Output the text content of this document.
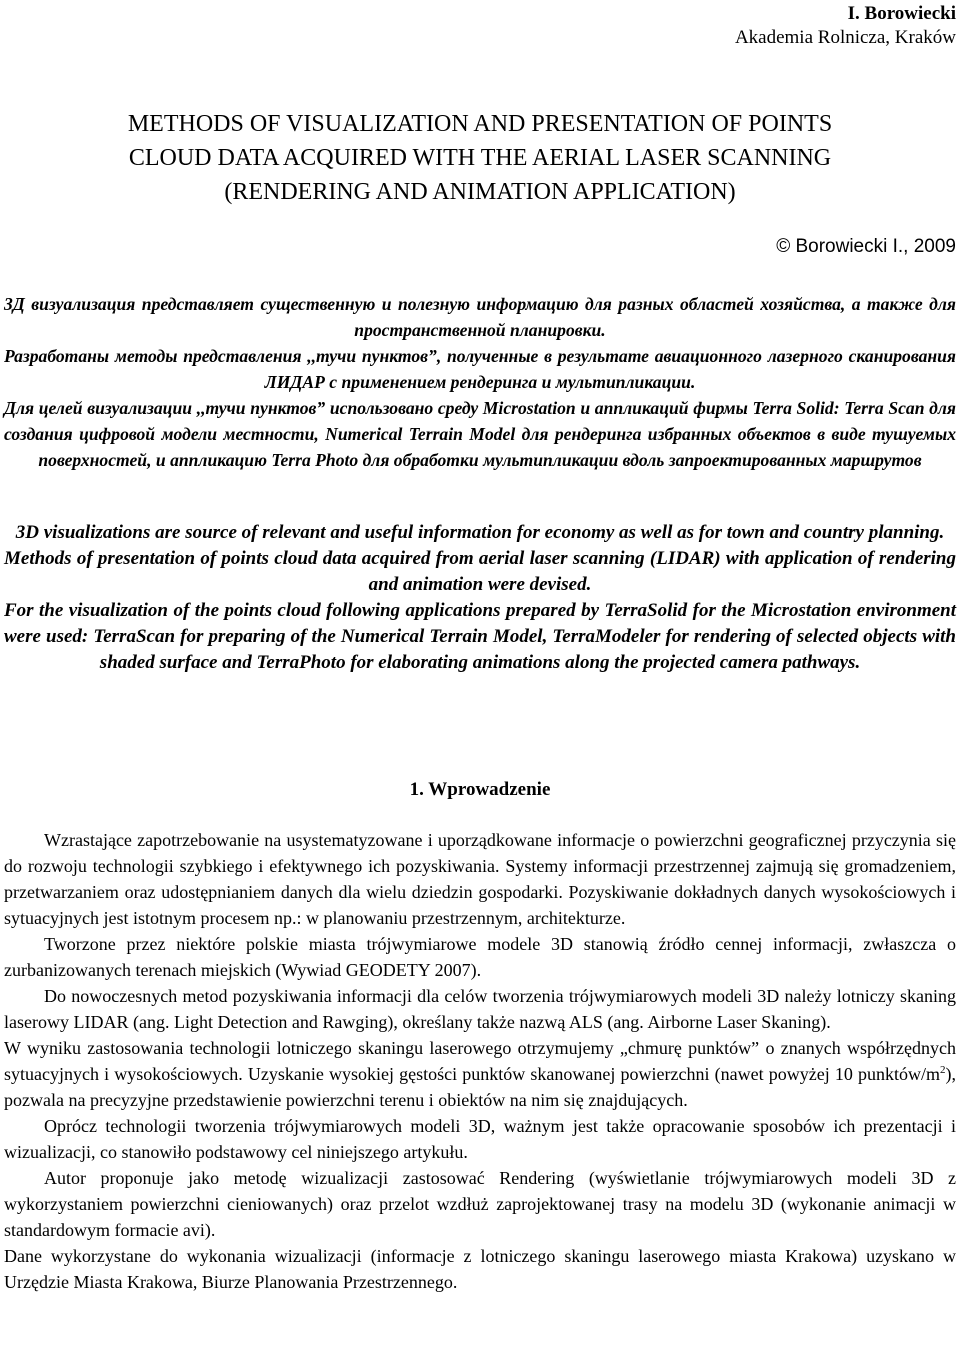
I. Borowiecki
Akademia Rolnicza, Kraków
METHODS OF VISUALIZATION AND PRESENTATION OF POINTS
CLOUD DATA ACQUIRED WITH THE AERIAL LASER SCANNING
(RENDERING AND ANIMATION APPLICATION)
© Borowiecki I., 2009

3Д визуализация представляет существенную и полезную информацию для разных областей хозяйства, а также для пространственной планировки.

Разработаны методы представления ,,тучи пунктов”, полученные в результате авиационного лазерного сканирования ЛИДАР с применением рендеринга и мультипликации.

Для целей визуализации ,,тучи пунктов” использовано среду Microstation и аппликаций фирмы Terra Solid: Terra Scan для создания цифровой модели местности, Numerical Terrain Model для рендеринга избранных объектов в виде тушуемых поверхностей, и аппликацию Terra Photo для обработки мультипликации вдоль запроектированных маршрутов

3D visualizations are source of relevant and useful information for economy as well as for town and country planning.

Methods of presentation of points cloud data acquired from aerial laser scanning (LIDAR) with application of rendering and animation were devised.

For the visualization of the points cloud following applications prepared by TerraSolid for the Microstation environment were used: TerraScan for preparing of the Numerical Terrain Model, TerraModeler for rendering of selected objects with shaded surface and TerraPhoto for elaborating animations along the projected camera pathways.

1. Wprowadzenie

Wzrastające zapotrzebowanie na usystematyzowane i uporządkowane informacje o powierzchni geograficznej przyczynia się do rozwoju technologii szybkiego i efektywnego ich pozyskiwania. Systemy informacji przestrzennej zajmują się gromadzeniem, przetwarzaniem oraz udostępnianiem danych dla wielu dziedzin gospodarki. Pozyskiwanie dokładnych danych wysokościowych i sytuacyjnych jest istotnym procesem np.: w planowaniu przestrzennym, architekturze.

Tworzone przez niektóre polskie miasta trójwymiarowe modele 3D stanowią źródło cennej informacji, zwłaszcza o zurbanizowanych terenach miejskich (Wywiad GEODETY 2007).

Do nowoczesnych metod pozyskiwania informacji dla celów tworzenia trójwymiarowych modeli 3D należy lotniczy skaning laserowy LIDAR (ang. Light Detection and Rawging), określany także nazwą ALS (ang. Airborne Laser Skaning).

W wyniku zastosowania technologii lotniczego skaningu laserowego otrzymujemy „chmurę punktów” o znanych współrzędnych sytuacyjnych i wysokościowych. Uzyskanie wysokiej gęstości punktów skanowanej powierzchni (nawet powyżej 10 punktów/$m^2$), pozwala na precyzyjne przedstawienie powierzchni terenu i obiektów na nim się znajdujących.

Oprócz technologii tworzenia trójwymiarowych modeli 3D, ważnym jest także opracowanie sposobów ich prezentacji i wizualizacji, co stanowiło podstawowy cel niniejszego artykułu.

Autor proponuje jako metodę wizualizacji zastosować Rendering (wyświetlanie trójwymiarowych modeli 3D z wykorzystaniem powierzchni cieniowanych) oraz przelot wzdłuż zaprojektowanej trasy na modelu 3D (wykonanie animacji w standardowym formacie avi).

Dane wykorzystane do wykonania wizualizacji (informacje z lotniczego skaningu laserowego miasta Krakowa) uzyskano w Urzędzie Miasta Krakowa, Biurze Planowania Przestrzennego.
